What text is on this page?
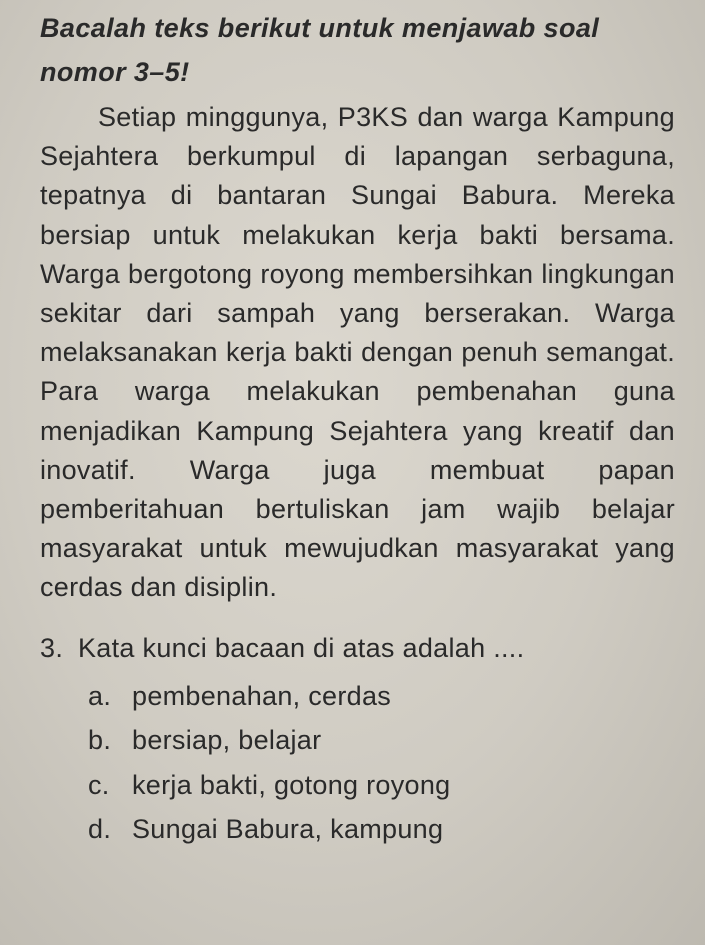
Bacalah teks berikut untuk menjawab soal nomor 3–5!

Setiap minggunya, P3KS dan warga Kampung Sejahtera berkumpul di lapangan serbaguna, tepatnya di bantaran Sungai Babura. Mereka bersiap untuk melakukan kerja bakti bersama. Warga bergotong royong membersihkan lingkungan sekitar dari sampah yang berserakan. Warga melaksanakan kerja bakti dengan penuh semangat. Para warga melakukan pembenahan guna menjadikan Kampung Sejahtera yang kreatif dan inovatif. Warga juga membuat papan pemberitahuan bertuliskan jam wajib belajar masyarakat untuk mewujudkan masyarakat yang cerdas dan disiplin.

3. Kata kunci bacaan di atas adalah ....
a. pembenahan, cerdas
b. bersiap, belajar
c. kerja bakti, gotong royong
d. Sungai Babura, kampung
